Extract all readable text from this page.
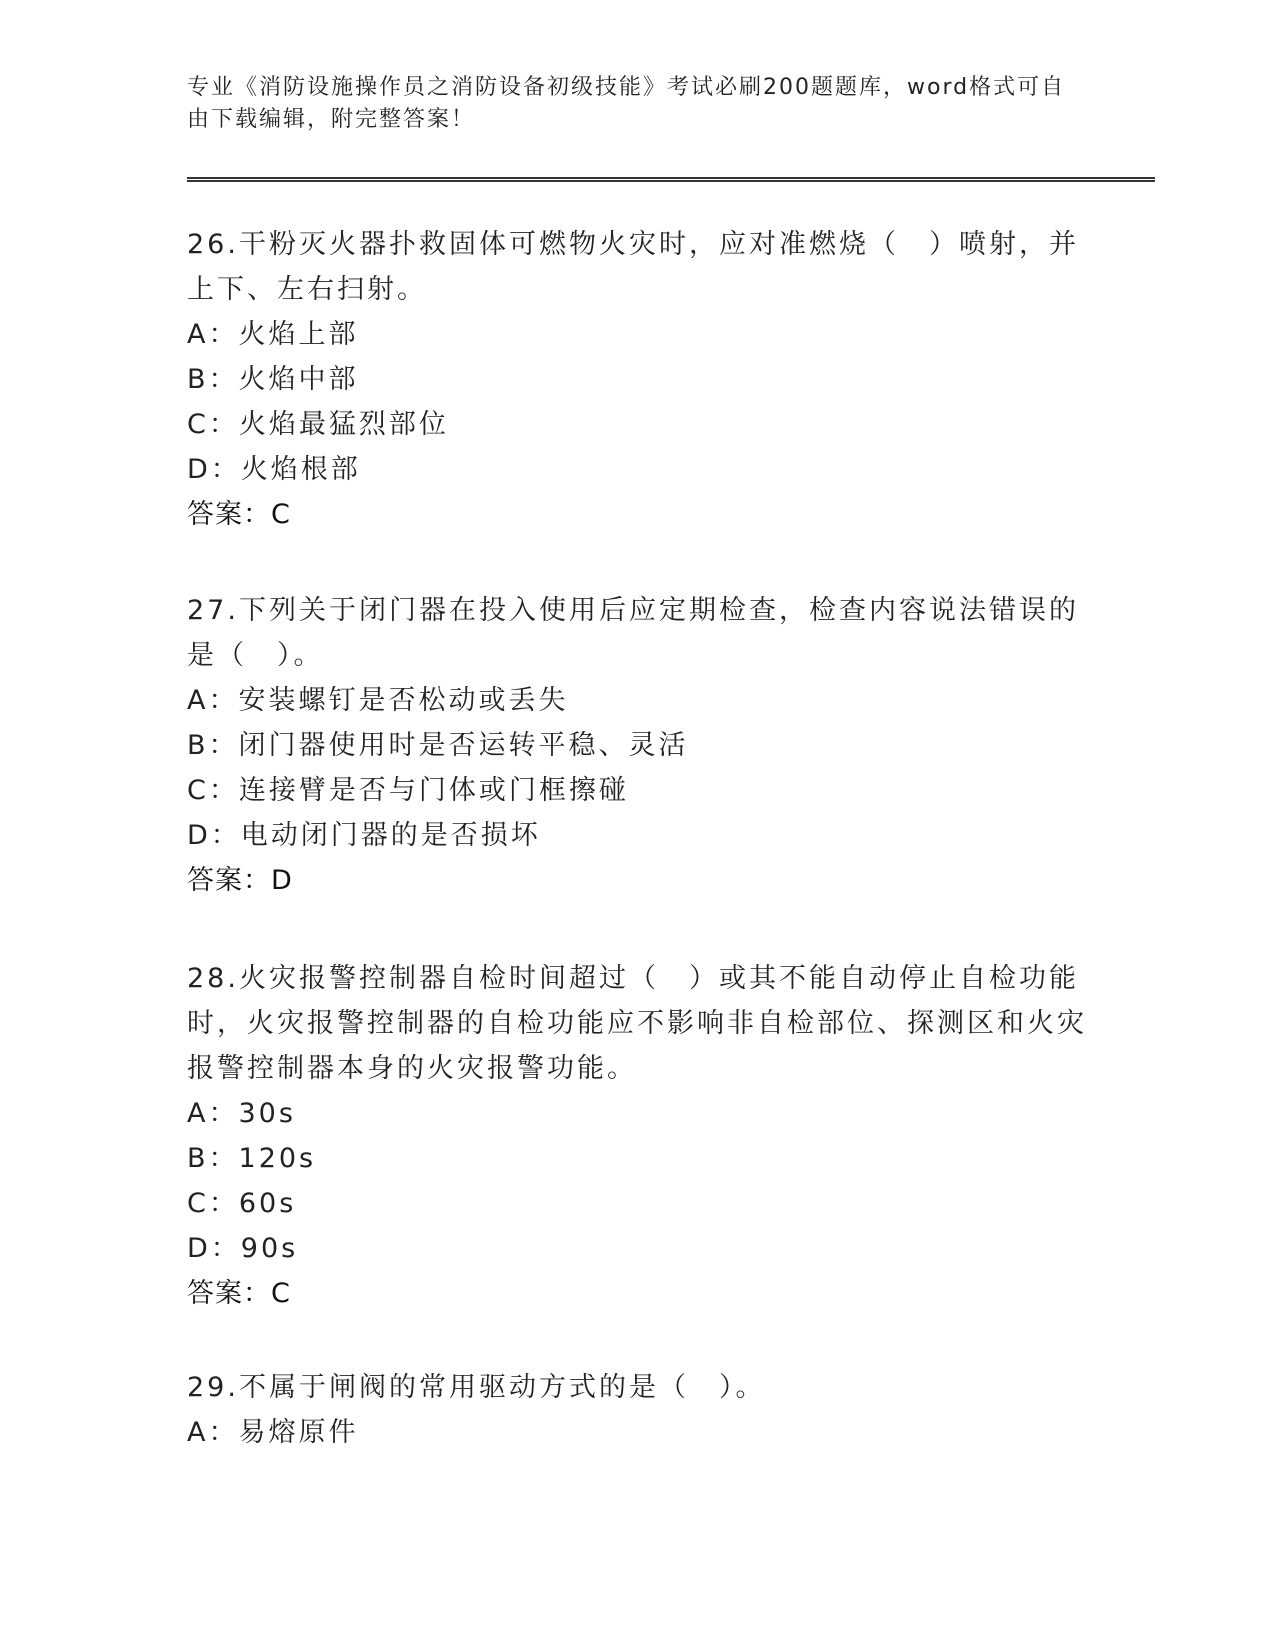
专业《消防设施操作员之消防设备初级技能》考试必刷200题题库，word格式可自由下载编辑，附完整答案！
26.干粉灭火器扑救固体可燃物火灾时，应对准燃烧（　）喷射，并上下、左右扫射。
A：火焰上部
B：火焰中部
C：火焰最猛烈部位
D：火焰根部
答案：C
27.下列关于闭门器在投入使用后应定期检查，检查内容说法错误的是（　）。
A：安装螺钉是否松动或丢失
B：闭门器使用时是否运转平稳、灵活
C：连接臂是否与门体或门框擦碰
D：电动闭门器的是否损坏
答案：D
28.火灾报警控制器自检时间超过（　）或其不能自动停止自检功能时，火灾报警控制器的自检功能应不影响非自检部位、探测区和火灾报警控制器本身的火灾报警功能。
A：30s
B：120s
C：60s
D：90s
答案：C
29.不属于闸阀的常用驱动方式的是（　）。
A：易熔原件
